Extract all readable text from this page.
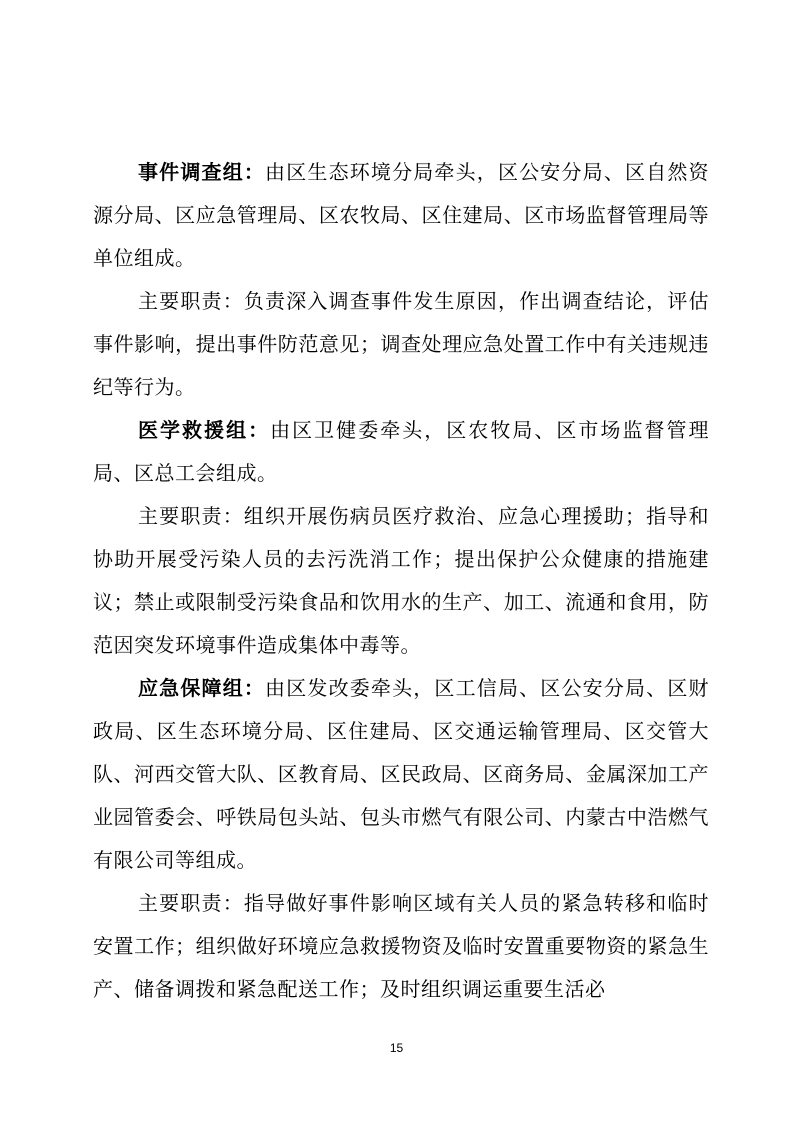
事件调查组：由区生态环境分局牵头，区公安分局、区自然资源分局、区应急管理局、区农牧局、区住建局、区市场监督管理局等单位组成。

主要职责：负责深入调查事件发生原因，作出调查结论，评估事件影响，提出事件防范意见；调查处理应急处置工作中有关违规违纪等行为。

医学救援组：由区卫健委牵头，区农牧局、区市场监督管理局、区总工会组成。

主要职责：组织开展伤病员医疗救治、应急心理援助；指导和协助开展受污染人员的去污洗消工作；提出保护公众健康的措施建议；禁止或限制受污染食品和饮用水的生产、加工、流通和食用，防范因突发环境事件造成集体中毒等。

应急保障组：由区发改委牵头，区工信局、区公安分局、区财政局、区生态环境分局、区住建局、区交通运输管理局、区交管大队、河西交管大队、区教育局、区民政局、区商务局、金属深加工产业园管委会、呼铁局包头站、包头市燃气有限公司、内蒙古中浩燃气有限公司等组成。

主要职责：指导做好事件影响区域有关人员的紧急转移和临时安置工作；组织做好环境应急救援物资及临时安置重要物资的紧急生产、储备调拨和紧急配送工作；及时组织调运重要生活必

15
